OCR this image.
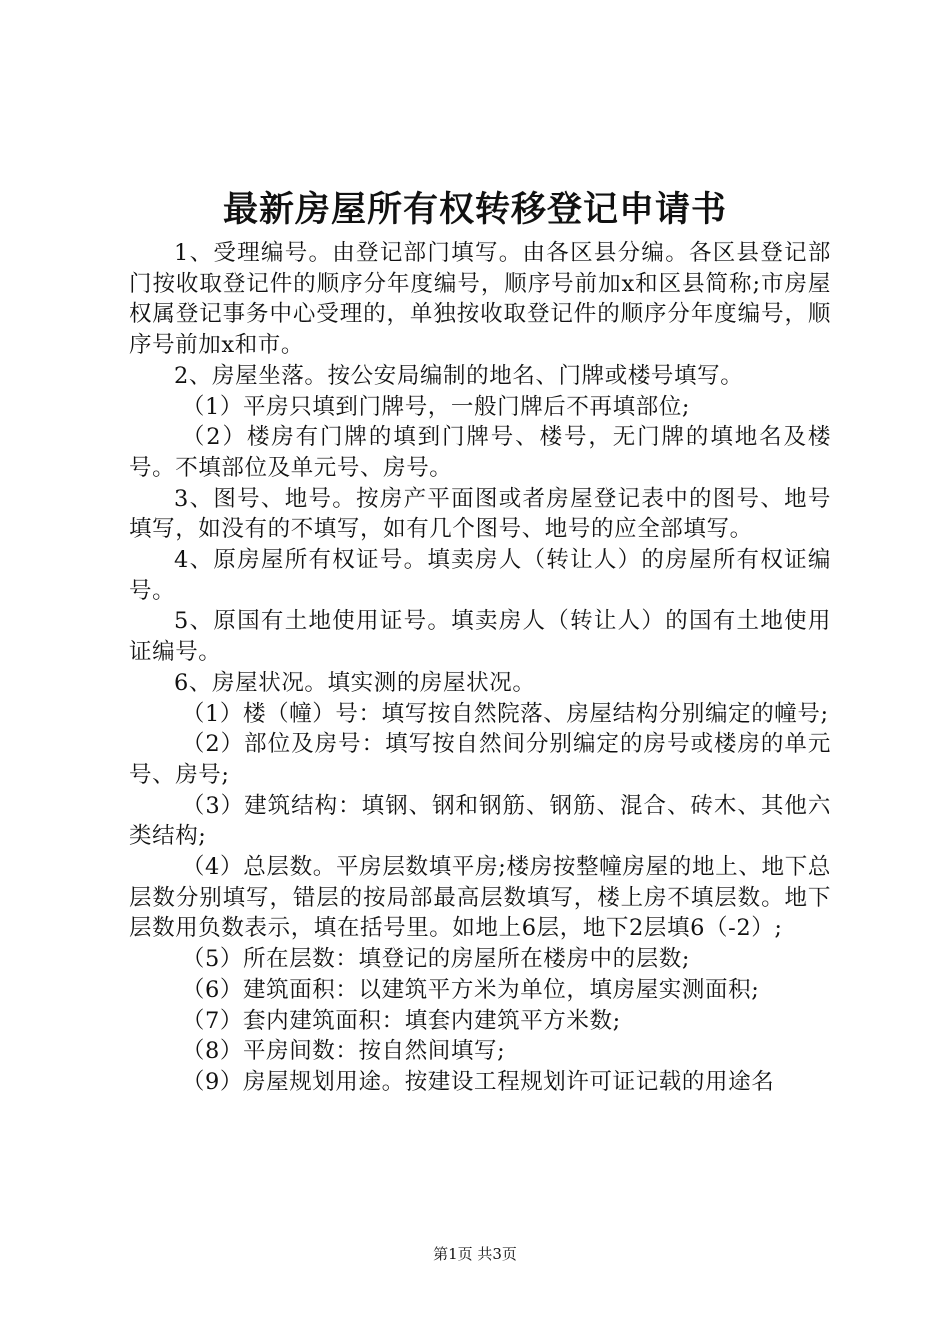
最新房屋所有权转移登记申请书

1、受理编号。由登记部门填写。由各区县分编。各区县登记部门按收取登记件的顺序分年度编号，顺序号前加x和区县简称;市房屋权属登记事务中心受理的，单独按收取登记件的顺序分年度编号，顺序号前加x和市。

2、房屋坐落。按公安局编制的地名、门牌或楼号填写。

（1）平房只填到门牌号，一般门牌后不再填部位;

（2）楼房有门牌的填到门牌号、楼号，无门牌的填地名及楼号。不填部位及单元号、房号。

3、图号、地号。按房产平面图或者房屋登记表中的图号、地号填写，如没有的不填写，如有几个图号、地号的应全部填写。

4、原房屋所有权证号。填卖房人（转让人）的房屋所有权证编号。

5、原国有土地使用证号。填卖房人（转让人）的国有土地使用证编号。

6、房屋状况。填实测的房屋状况。

（1）楼（幢）号：填写按自然院落、房屋结构分别编定的幢号;

（2）部位及房号：填写按自然间分别编定的房号或楼房的单元号、房号;

（3）建筑结构：填钢、钢和钢筋、钢筋、混合、砖木、其他六类结构;

（4）总层数。平房层数填平房;楼房按整幢房屋的地上、地下总层数分别填写，错层的按局部最高层数填写，楼上房不填层数。地下层数用负数表示，填在括号里。如地上6层，地下2层填6（-2）;

（5）所在层数：填登记的房屋所在楼房中的层数;

（6）建筑面积：以建筑平方米为单位，填房屋实测面积;

（7）套内建筑面积：填套内建筑平方米数;

（8）平房间数：按自然间填写;

（9）房屋规划用途。按建设工程规划许可证记载的用途名

第1页 共3页
